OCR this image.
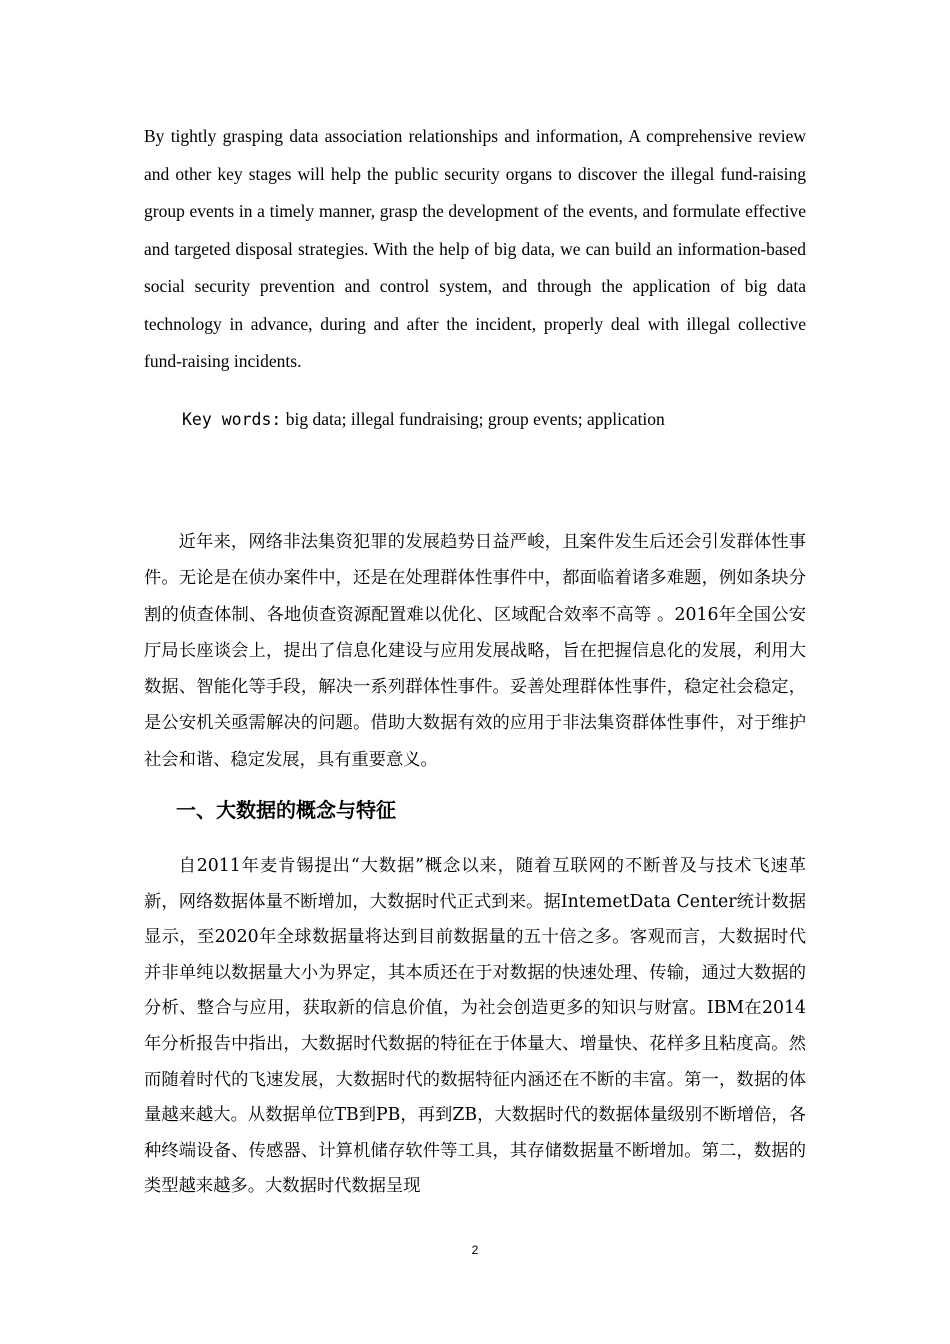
By tightly grasping data association relationships and information, A comprehensive review and other key stages will help the public security organs to discover the illegal fund-raising group events in a timely manner, grasp the development of the events, and formulate effective and targeted disposal strategies. With the help of big data, we can build an information-based social security prevention and control system, and through the application of big data technology in advance, during and after the incident, properly deal with illegal collective fund-raising incidents.

Key words: big data; illegal fundraising; group events; application

近年来，网络非法集资犯罪的发展趋势日益严峻，且案件发生后还会引发群体性事件。无论是在侦办案件中，还是在处理群体性事件中，都面临着诸多难题，例如条块分割的侦查体制、各地侦查资源配置难以优化、区域配合效率不高等 。2016年全国公安厅局长座谈会上，提出了信息化建设与应用发展战略，旨在把握信息化的发展，利用大数据、智能化等手段，解决一系列群体性事件。妥善处理群体性事件，稳定社会稳定，是公安机关亟需解决的问题。借助大数据有效的应用于非法集资群体性事件，对于维护社会和谐、稳定发展，具有重要意义。

一、大数据的概念与特征

自2011年麦肯锡提出“大数据”概念以来，随着互联网的不断普及与技术飞速革新，网络数据体量不断增加，大数据时代正式到来。据IntemetData Center统计数据显示，至2020年全球数据量将达到目前数据量的五十倍之多。客观而言，大数据时代并非单纯以数据量大小为界定，其本质还在于对数据的快速处理、传输，通过大数据的分析、整合与应用，获取新的信息价值，为社会创造更多的知识与财富。IBM在2014年分析报告中指出，大数据时代数据的特征在于体量大、增量快、花样多且粘度高。然而随着时代的飞速发展，大数据时代的数据特征内涵还在不断的丰富。第一，数据的体量越来越大。从数据单位TB到PB，再到ZB，大数据时代的数据体量级别不断增倍，各种终端设备、传感器、计算机储存软件等工具，其存储数据量不断增加。第二，数据的类型越来越多。大数据时代数据呈现

2
